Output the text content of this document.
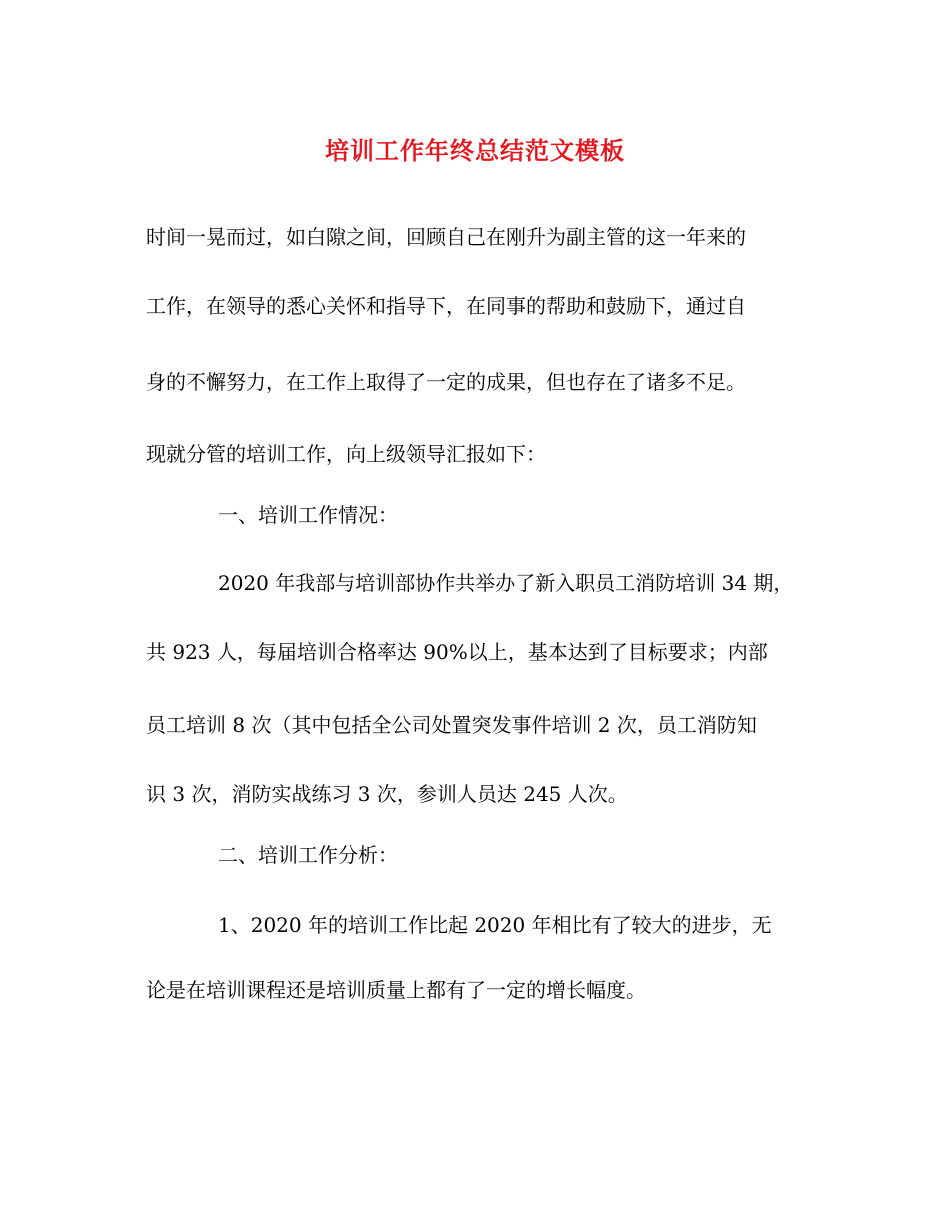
培训工作年终总结范文模板
时间一晃而过，如白隙之间，回顾自己在刚升为副主管的这一年来的
工作，在领导的悉心关怀和指导下，在同事的帮助和鼓励下，通过自
身的不懈努力，在工作上取得了一定的成果，但也存在了诸多不足。
现就分管的培训工作，向上级领导汇报如下：
一、培训工作情况：
2020 年我部与培训部协作共举办了新入职员工消防培训 34 期，
共 923 人，每届培训合格率达 90%以上，基本达到了目标要求；内部
员工培训 8 次（其中包括全公司处置突发事件培训 2 次，员工消防知
识 3 次，消防实战练习 3 次，参训人员达 245 人次。
二、培训工作分析：
1、2020 年的培训工作比起 2020 年相比有了较大的进步，无
论是在培训课程还是培训质量上都有了一定的增长幅度。
